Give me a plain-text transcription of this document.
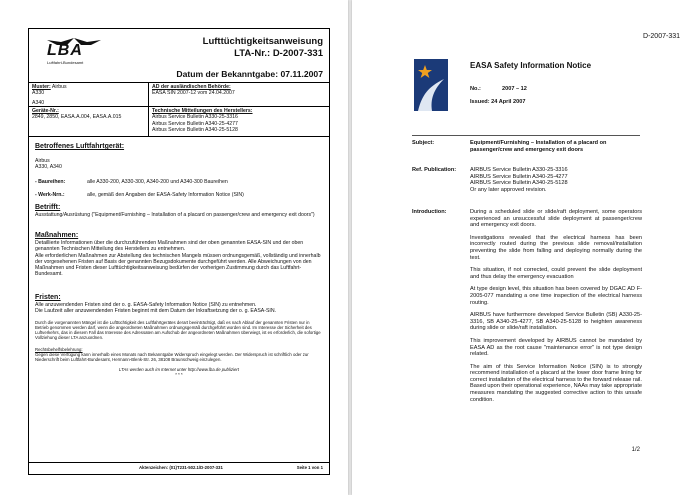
LBA
Luftfahrt-Bundesamt
Lufttüchtigkeitsanweisung
LTA-Nr.: D-2007-331
Datum der Bekanntgabe: 07.11.2007
Muster: Airbus
A330
A340
AD der ausländischen Behörde:
EASA SIN 2007-12 vom 24.04.2007
Geräte-Nr.:
2849, 2850, EASA.A.004, EASA.A.015
Technische Mitteilungen des Herstellers:
Airbus Service Bulletin A330-25-3316
Airbus Service Bulletin A340-25-4277
Airbus Service Bulletin A340-25-5128
Betroffenes Luftfahrtgerät:
Airbus
A330, A340
- Baureihen:	alle A330-200, A330-300, A340-200 und A340-300 Baureihen
- Werk-Nrn.:	alle, gemäß den Angaben der EASA-Safety Information Notice (SIN)
Betrifft:
Ausstattung/Ausrüstung ("Equipment/Furnishing – Installation of a placard on passenger/crew and emergency exit doors")
Maßnahmen:
Detaillierte Informationen über die durchzuführenden Maßnahmen sind der oben genannten EASA-SIN und der oben genannten Technischen Mitteilung des Herstellers zu entnehmen.
Alle erforderlichen Maßnahmen zur Abstellung des technischen Mangels müssen ordnungsgemäß, vollständig und innerhalb der vorgesehenen Fristen auf Basis der genannten Bezugsdokumente durchgeführt werden. Alle Abweichungen von den Maßnahmen und Fristen dieser Lufttüchtigkeitsanweisung bedürfen der vorherigen Zustimmung durch das Luftfahrt-Bundesamt.
Fristen:
Alle anzuwendenden Fristen sind der o. g. EASA-Safety Information Notice (SIN) zu entnehmen.
Die Laufzeit aller anzuwendenden Fristen beginnt mit dem Datum der Inkraftsetzung der o. g. EASA-SIN.
Durch die vorgenannten Mängel ist die Lufttüchtigkeit des Luftfahrtgerätes derart beeinträchtigt, daß es nach Ablauf der genannten Fristen nur in Betrieb genommen werden darf, wenn die angeordneten Maßnahmen ordnungsgemäß durchgeführt worden sind. Im Interesse der Sicherheit des Luftverkehrs, das in diesem Fall das Interesse des Adressaten am Aufschub der angeordneten Maßnahmen überwiegt, ist es erforderlich, die sofortige Vollziehung dieser LTA anzuordnen.
Rechtsbehelfsbelehrung:
Gegen diese Verfügung kann innerhalb eines Monats nach Bekanntgabe Widerspruch eingelegt werden. Der Widerspruch ist schriftlich oder zur Niederschrift beim Luftfahrt-Bundesamt, Hermann-Blenk-Str. 26, 38108 Braunschweig einzulegen.
LTAs werden auch im Internet unter http://www.lba.de publiziert
* * *
Aktenzeichen: (01)T231-502.1/D-2007-331	Seite 1 von 1
D-2007-331
EASA Safety Information Notice
No.:	2007 – 12
Issued: 24 April 2007
Subject:	Equipment/Furnishing – Installation of a placard on passenger/crew and emergency exit doors
Ref. Publication: AIRBUS Service Bulletin A330-25-3316
AIRBUS Service Bulletin A340-25-4277
AIRBUS Service Bulletin A340-25-5128
Or any later approved revision.
Introduction:	During a scheduled slide or slide/raft deployment, some operators experienced an unsuccessful slide deployment at passenger/crew and emergency exit doors.
Investigations revealed that the electrical harness has been incorrectly routed during the previous slide removal/installation preventing the slide from falling and deploying normally during the test.
This situation, if not corrected, could prevent the slide deployment and thus delay the emergency evacuation
At type design level, this situation has been covered by DGAC AD F-2005-077 mandating a one time inspection of the electrical harness routing.
AIRBUS have furthermore developed Service Bulletin (SB) A330-25-3316, SB A340-25-4277, SB A340-25-5128 to heighten awareness during slide or slide/raft installation.
This improvement developed by AIRBUS cannot be mandated by EASA AD as the root cause "maintenance error" is not type design related.
The aim of this Service Information Notice (SIN) is to strongly recommend installation of a placard at the lower door frame lining for correct installation of the electrical harness to the forward release rail.
Based upon their operational experience, NAAs may take appropriate measures mandating the suggested corrective action to this unsafe condition.
1/2
